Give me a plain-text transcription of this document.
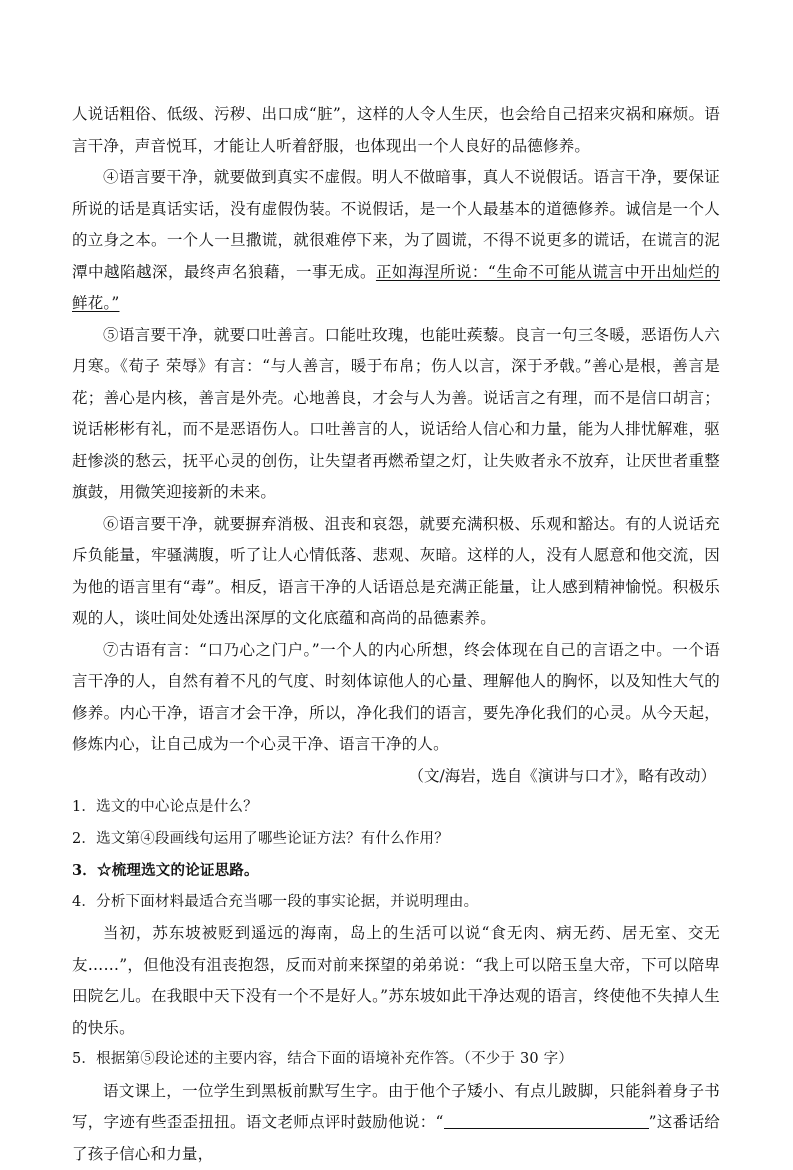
人说话粗俗、低级、污秽、出口成“脏”，这样的人令人生厌，也会给自己招来灾祸和麻烦。语言干净，声音悦耳，才能让人听着舒服，也体现出一个人良好的品德修养。

④语言要干净，就要做到真实不虚假。明人不做暗事，真人不说假话。语言干净，要保证所说的话是真话实话，没有虚假伪装。不说假话，是一个人最基本的道德修养。诚信是一个人的立身之本。一个人一旦撒谎，就很难停下来，为了圆谎，不得不说更多的谎话，在谎言的泥潭中越陷越深，最终声名狼藉，一事无成。正如海涅所说：“生命不可能从谎言中开出灿烂的鲜花。”

⑤语言要干净，就要口吐善言。口能吐玫瑰，也能吐蒺藜。良言一句三冬暖，恶语伤人六月寒。《荀子 荣辱》有言：“与人善言，暖于布帛；伤人以言，深于矛戟。”善心是根，善言是花；善心是内核，善言是外壳。心地善良，才会与人为善。说话言之有理，而不是信口胡言；说话彬彬有礼，而不是恶语伤人。口吐善言的人，说话给人信心和力量，能为人排忧解难，驱赶惨淡的愁云，抚平心灵的创伤，让失望者再燃希望之灯，让失败者永不放弃，让厌世者重整旗鼓，用微笑迎接新的未来。

⑥语言要干净，就要摒弃消极、沮丧和哀怨，就要充满积极、乐观和豁达。有的人说话充斥负能量，牢骚满腹，听了让人心情低落、悲观、灰暗。这样的人，没有人愿意和他交流，因为他的语言里有“毒”。相反，语言干净的人话语总是充满正能量，让人感到精神愉悦。积极乐观的人，谈吐间处处透出深厚的文化底蕴和高尚的品德素养。

⑦古语有言：“口乃心之门户。”一个人的内心所想，终会体现在自己的言语之中。一个语言干净的人，自然有着不凡的气度、时刻体谅他人的心量、理解他人的胸怀，以及知性大气的修养。内心干净，语言才会干净，所以，净化我们的语言，要先净化我们的心灵。从今天起，修炼内心，让自己成为一个心灵干净、语言干净的人。

（文/海岩，选自《演讲与口才》，略有改动）

1．选文的中心论点是什么？

2．选文第④段画线句运用了哪些论证方法？有什么作用？

3．☆梳理选文的论证思路。

4．分析下面材料最适合充当哪一段的事实论据，并说明理由。

当初，苏东坡被贬到遥远的海南，岛上的生活可以说“食无肉、病无药、居无室、交无友……”，但他没有沮丧抱怨，反而对前来探望的弟弟说：“我上可以陪玉皇大帝，下可以陪卑田院乞儿。在我眼中天下没有一个不是好人。”苏东坡如此干净达观的语言，终使他不失掉人生的快乐。

5．根据第⑤段论述的主要内容，结合下面的语境补充作答。（不少于 30 字）

语文课上，一位学生到黑板前默写生字。由于他个子矮小、有点儿跛脚，只能斜着身子书写，字迹有些歪歪扭扭。语文老师点评时鼓励他说：“	”这番话给了孩子信心和力量，
